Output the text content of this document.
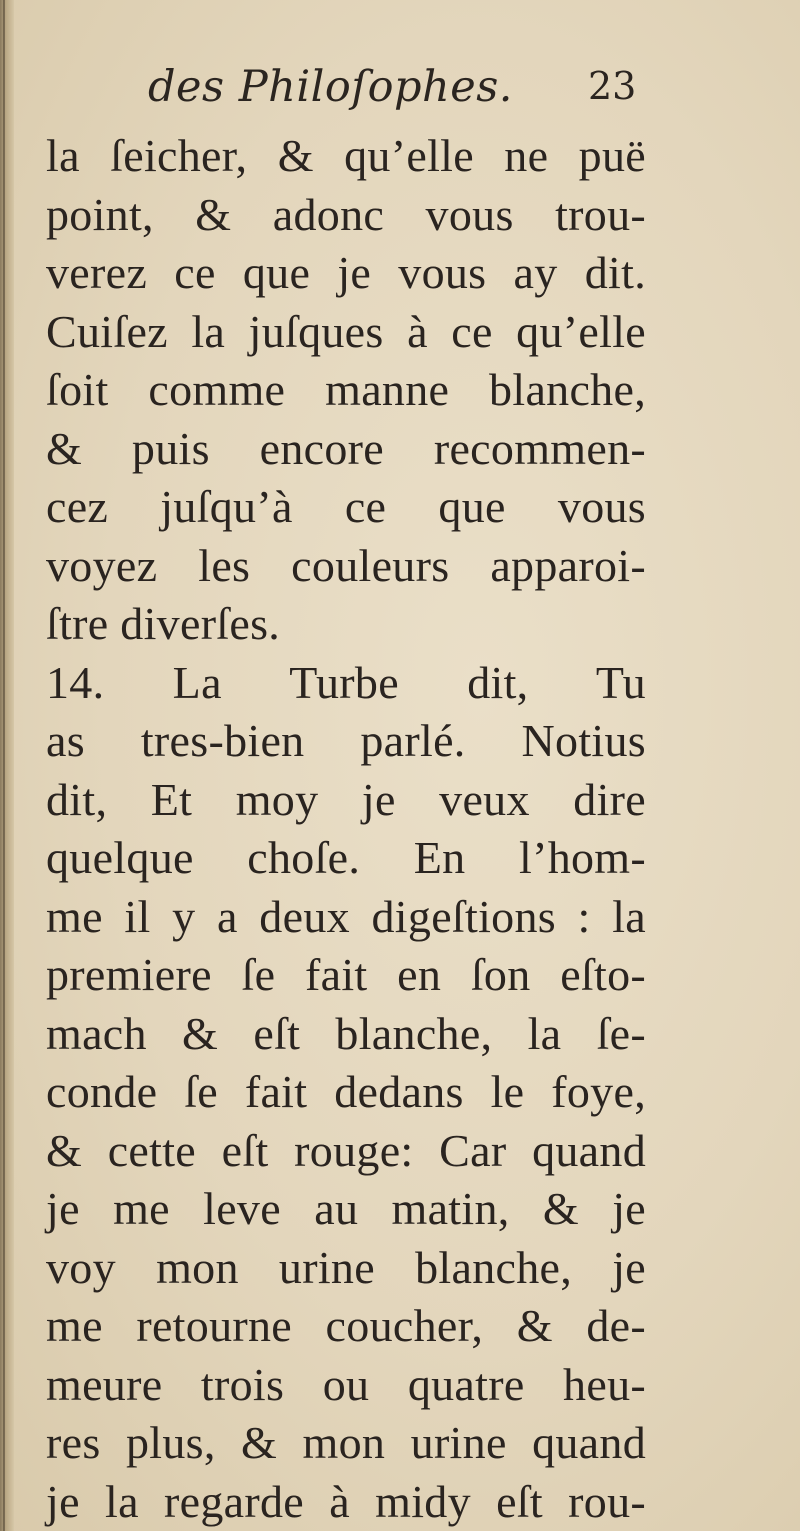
des Philoſophes. 23
la ſeicher, & qu’elle ne puë
point, & adonc vous trou-
verez ce que je vous ay dit.
Cuiſez la juſques à ce qu’elle
ſoit comme manne blanche,
& puis encore recommen-
cez juſqu’à ce que vous
voyez les couleurs apparoi-
ſtre diverſes.
14. La Turbe dit, Tu
as tres-bien parlé. Notius
dit, Et moy je veux dire
quelque choſe. En l’hom-
me il y a deux digeſtions : la
premiere ſe fait en ſon eſto-
mach & eſt blanche, la ſe-
conde ſe fait dedans le foye,
& cette eſt rouge: Car quand
je me leve au matin, & je
voy mon urine blanche, je
me retourne coucher, & de-
meure trois ou quatre heu-
res plus, & mon urine quand
je la regarde à midy eſt rou-
